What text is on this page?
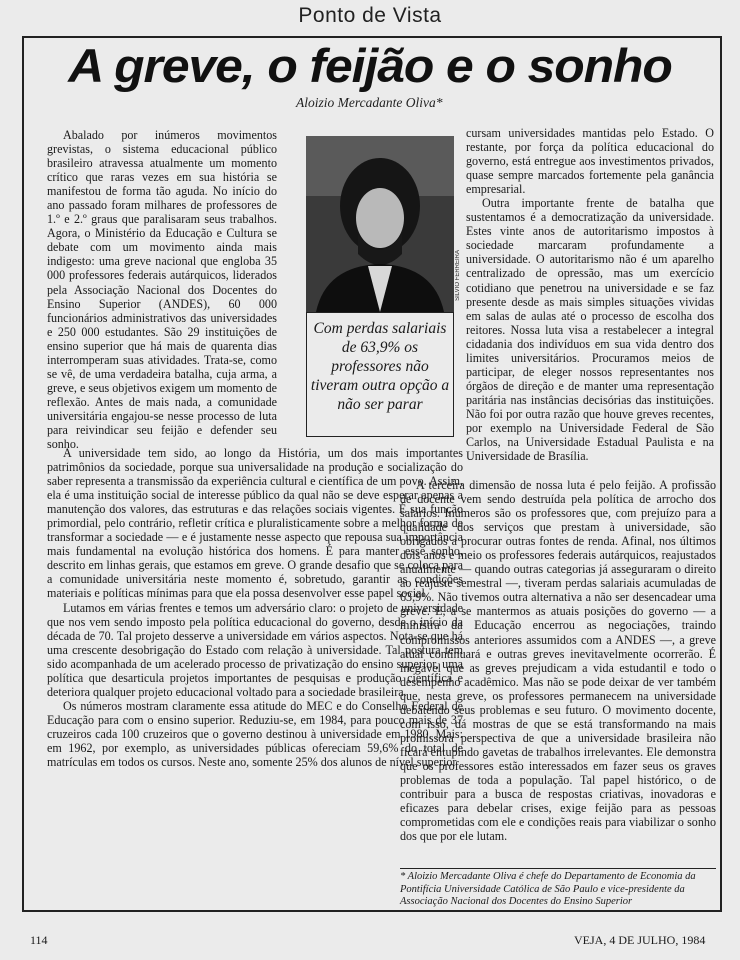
Ponto de Vista
A greve, o feijão e o sonho
Aloizio Mercadante Oliva*

Abalado por inúmeros movimentos grevistas, o sistema educacional público brasileiro atravessa atualmente um momento crítico que raras vezes em sua história se manifestou de forma tão aguda. No início do ano passado foram milhares de professores de 1.º e 2.º graus que paralisaram seus trabalhos. Agora, o Ministério da Educação e Cultura se debate com um movimento ainda mais indigesto: uma greve nacional que engloba 35 000 professores federais autárquicos, liderados pela Associação Nacional dos Docentes do Ensino Superior (ANDES), 60 000 funcionários administrativos das universidades e 250 000 estudantes. São 29 instituições de ensino superior que há mais de quarenta dias interromperam suas atividades. Trata-se, como se vê, de uma verdadeira batalha, cuja arma, a greve, e seus objetivos exigem um momento de reflexão. Antes de mais nada, a comunidade universitária engajou-se nesse processo de luta para reivindicar seu feijão e defender seu sonho.

SILVIO FERREIRA
Com perdas salariais de 63,9% os professores não tiveram outra opção a não ser parar

cursam universidades mantidas pelo Estado. O restante, por força da política educacional do governo, está entregue aos investimentos privados, quase sempre marcados fortemente pela ganância empresarial.

Outra importante frente de batalha que sustentamos é a democratização da universidade. Estes vinte anos de autoritarismo impostos à sociedade marcaram profundamente a universidade. O autoritarismo não é um aparelho centralizado de opressão, mas um exercício cotidiano que penetrou na universidade e se faz presente desde as mais simples situações vividas em salas de aulas até o processo de escolha dos reitores. Nossa luta visa a restabelecer a integral cidadania dos indivíduos em sua vida dentro dos limites universitários. Procuramos meios de participar, de eleger nossos representantes nos órgãos de direção e de manter uma representação paritária nas instâncias decisórias das instituições. Não foi por outra razão que houve greves recentes, por exemplo na Universidade Federal de São Carlos, na Universidade Estadual Paulista e na Universidade de Brasília.

A universidade tem sido, ao longo da História, um dos mais importantes patrimônios da sociedade, porque sua universalidade na produção e socialização do saber representa a transmissão da experiência cultural e científica de um povo. Assim, ela é uma instituição social de interesse público da qual não se deve esperar apenas a manutenção dos valores, das estruturas e das relações sociais vigentes. É sua função primordial, pelo contrário, refletir crítica e pluralisticamente sobre a melhor forma de transformar a sociedade — e é justamente nesse aspecto que repousa sua importância mais fundamental na evolução histórica dos homens. É para manter esse sonho, descrito em linhas gerais, que estamos em greve. O grande desafio que se coloca para a comunidade universitária neste momento é, sobretudo, garantir as condições materiais e políticas mínimas para que ela possa desenvolver esse papel social.

Lutamos em várias frentes e temos um adversário claro: o projeto de universidade que nos vem sendo imposto pela política educacional do governo, desde o início da década de 70. Tal projeto desserve a universidade em vários aspectos. Nota-se que há uma crescente desobrigação do Estado com relação à universidade. Tal postura tem sido acompanhada de um acelerado processo de privatização do ensino superior, uma política que desarticula projetos importantes de pesquisas e produção científica e deteriora qualquer projeto educacional voltado para a sociedade brasileira.

Os números mostram claramente essa atitude do MEC e do Conselho Federal de Educação para com o ensino superior. Reduziu-se, em 1984, para pouco mais de 37 cruzeiros cada 100 cruzeiros que o governo destinou à universidade em 1980. Mais: em 1962, por exemplo, as universidades públicas ofereciam 59,6% do total de matrículas em todos os cursos. Neste ano, somente 25% dos alunos de nível superior

A terceira dimensão de nossa luta é pelo feijão. A profissão de docente vem sendo destruída pela política de arrocho dos salários. Inúmeros são os professores que, com prejuízo para a qualidade dos serviços que prestam à universidade, são obrigados a procurar outras fontes de renda. Afinal, nos últimos dois anos e meio os professores federais autárquicos, reajustados anualmente — quando outras categorias já asseguraram o direito ao reajuste semestral —, tiveram perdas salariais acumuladas de 63,9%. Não tivemos outra alternativa a não ser desencadear uma greve. E, a se mantermos as atuais posições do governo — a ministra da Educação encerrou as negociações, traindo compromissos anteriores assumidos com a ANDES —, a greve atual continuará e outras greves inevitavelmente ocorrerão. É inegável que as greves prejudicam a vida estudantil e todo o desempenho acadêmico. Mas não se pode deixar de ver também que, nesta greve, os professores permanecem na universidade debatendo seus problemas e seu futuro. O movimento docente, com isso, dá mostras de que se está transformando na mais promissora perspectiva de que a universidade brasileira não ficará entupindo gavetas de trabalhos irrelevantes. Ele demonstra que os professores estão interessados em fazer seus os graves problemas de toda a população. Tal papel histórico, o de contribuir para a busca de respostas criativas, inovadoras e eficazes para debelar crises, exige feijão para as pessoas comprometidas com ele e condições reais para viabilizar o sonho dos que por ele lutam.

* Aloizio Mercadante Oliva é chefe do Departamento de Economia da Pontifícia Universidade Católica de São Paulo e vice-presidente da Associação Nacional dos Docentes do Ensino Superior
114	VEJA, 4 DE JULHO, 1984
